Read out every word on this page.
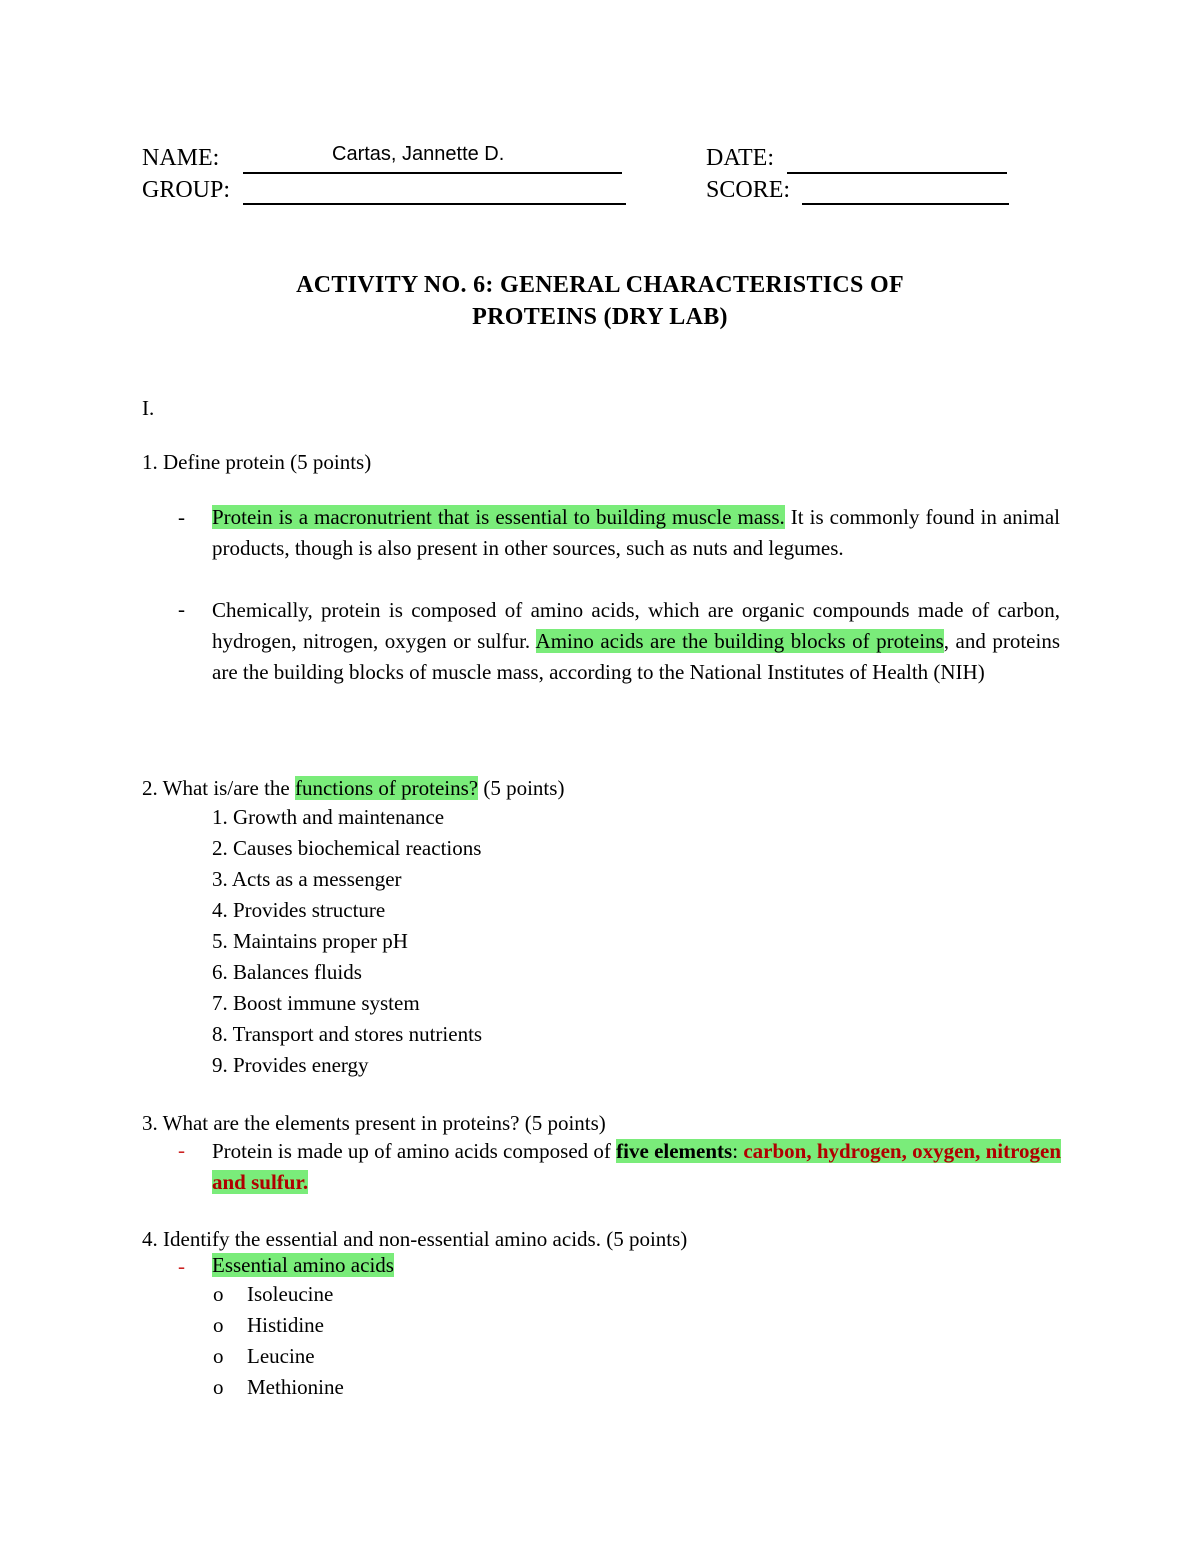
NAME:	Cartas, Jannette D.	DATE:
GROUP:	SCORE:
ACTIVITY NO. 6: GENERAL CHARACTERISTICS OF
PROTEINS (DRY LAB)
I.
1. Define protein (5 points)
- Protein is a macronutrient that is essential to building muscle mass. It is commonly found in animal products, though is also present in other sources, such as nuts and legumes.
- Chemically, protein is composed of amino acids, which are organic compounds made of carbon, hydrogen, nitrogen, oxygen or sulfur. Amino acids are the building blocks of proteins, and proteins are the building blocks of muscle mass, according to the National Institutes of Health (NIH)
2. What is/are the functions of proteins? (5 points)
1. Growth and maintenance
2. Causes biochemical reactions
3. Acts as a messenger
4. Provides structure
5. Maintains proper pH
6. Balances fluids
7. Boost immune system
8. Transport and stores nutrients
9. Provides energy
3. What are the elements present in proteins? (5 points)
- Protein is made up of amino acids composed of five elements: carbon, hydrogen, oxygen, nitrogen and sulfur.
4. Identify the essential and non-essential amino acids. (5 points)
- Essential amino acids
o Isoleucine
o Histidine
o Leucine
o Methionine
